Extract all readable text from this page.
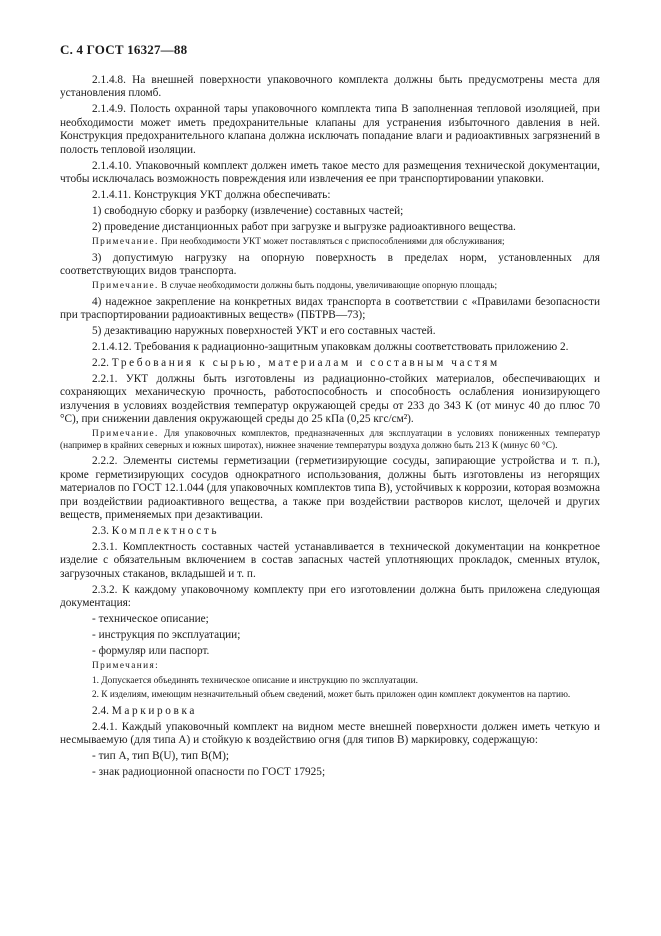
С. 4 ГОСТ 16327—88

2.1.4.8. На внешней поверхности упаковочного комплекта должны быть предусмотрены места для установления пломб.

2.1.4.9. Полость охранной тары упаковочного комплекта типа В заполненная тепловой изоляцией, при необходимости может иметь предохранительные клапаны для устранения избыточного давления в ней. Конструкция предохранительного клапана должна исключать попадание влаги и радиоактивных загрязнений в полость тепловой изоляции.

2.1.4.10. Упаковочный комплект должен иметь такое место для размещения технической документации, чтобы исключалась возможность повреждения или извлечения ее при транспортировании упаковки.

2.1.4.11. Конструкция УКТ должна обеспечивать:

1) свободную сборку и разборку (извлечение) составных частей;

2) проведение дистанционных работ при загрузке и выгрузке радиоактивного вещества.

Примечание. При необходимости УКТ может поставляться с приспособлениями для обслуживания;

3) допустимую нагрузку на опорную поверхность в пределах норм, установленных для соответствующих видов транспорта.

Примечание. В случае необходимости должны быть поддоны, увеличивающие опорную площадь;

4) надежное закрепление на конкретных видах транспорта в соответствии с «Правилами безопасности при траспортировании радиоактивных веществ» (ПБТРВ—73);

5) дезактивацию наружных поверхностей УКТ и его составных частей.

2.1.4.12. Требования к радиационно-защитным упаковкам должны соответствовать приложению 2.

2.2. Требования к сырью, материалам и составным частям

2.2.1. УКТ должны быть изготовлены из радиационно-стойких материалов, обеспечивающих и сохраняющих механическую прочность, работоспособность и способность ослабления ионизирующего излучения в условиях воздействия температур окружающей среды от 233 до 343 К (от минус 40 до плюс 70 °С), при снижении давления окружающей среды до 25 кПа (0,25 кгс/см²).

Примечание. Для упаковочных комплектов, предназначенных для эксплуатации в условиях пониженных температур (например в крайних северных и южных широтах), нижнее значение температуры воздуха должно быть 213 К (минус 60 °С).

2.2.2. Элементы системы герметизации (герметизирующие сосуды, запирающие устройства и т. п.), кроме герметизирующих сосудов однократного использования, должны быть изготовлены из негорящих материалов по ГОСТ 12.1.044 (для упаковочных комплектов типа В), устойчивых к коррозии, которая возможна при воздействии радиоактивного вещества, а также при воздействии растворов кислот, щелочей и других веществ, применяемых при дезактивации.

2.3. Комплектность

2.3.1. Комплектность составных частей устанавливается в технической документации на конкретное изделие с обязательным включением в состав запасных частей уплотняющих прокладок, сменных втулок, загрузочных стаканов, вкладышей и т. п.

2.3.2. К каждому упаковочному комплекту при его изготовлении должна быть приложена следующая документация:

- техническое описание;

- инструкция по эксплуатации;

- формуляр или паспорт.

Примечания:

1. Допускается объединять техническое описание и инструкцию по эксплуатации.

2. К изделиям, имеющим незначительный объем сведений, может быть приложен один комплект документов на партию.

2.4. Маркировка

2.4.1. Каждый упаковочный комплект на видном месте внешней поверхности должен иметь четкую и несмываемую (для типа А) и стойкую к воздействию огня (для типов В) маркировку, содержащую:

- тип А, тип В(U), тип В(М);

- знак радиоционной опасности по ГОСТ 17925;
